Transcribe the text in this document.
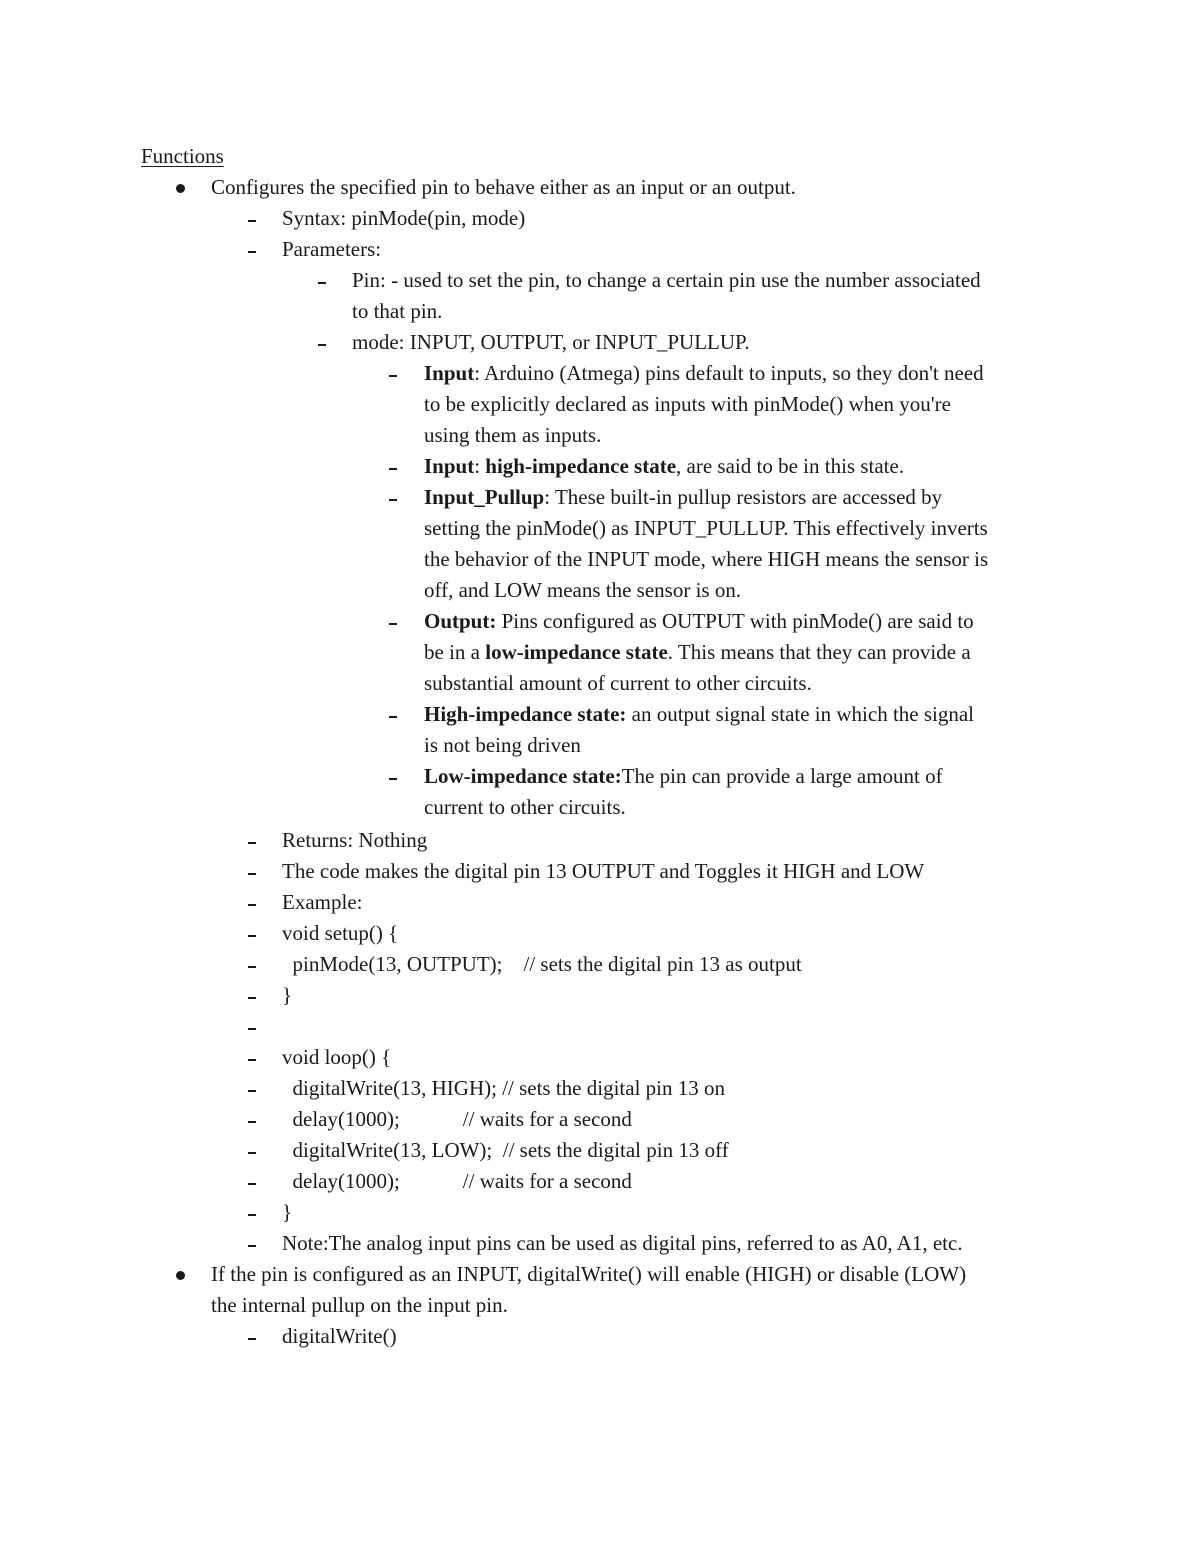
Functions
Configures the specified pin to behave either as an input or an output.
Syntax: pinMode(pin, mode)
Parameters:
Pin: - used to set the pin, to change a certain pin use the number associated
to that pin.
mode: INPUT, OUTPUT, or INPUT_PULLUP.
Input: Arduino (Atmega) pins default to inputs, so they don't need
to be explicitly declared as inputs with pinMode() when you're
using them as inputs.
Input: high-impedance state, are said to be in this state.
Input_Pullup: These built-in pullup resistors are accessed by
setting the pinMode() as INPUT_PULLUP. This effectively inverts
the behavior of the INPUT mode, where HIGH means the sensor is
off, and LOW means the sensor is on.
Output: Pins configured as OUTPUT with pinMode() are said to
be in a low-impedance state. This means that they can provide a
substantial amount of current to other circuits.
High-impedance state: an output signal state in which the signal
is not being driven
Low-impedance state:The pin can provide a large amount of
current to other circuits.
Returns: Nothing
The code makes the digital pin 13 OUTPUT and Toggles it HIGH and LOW
Example:
void setup() {
pinMode(13, OUTPUT);    // sets the digital pin 13 as output
}
void loop() {
digitalWrite(13, HIGH); // sets the digital pin 13 on
delay(1000);            // waits for a second
digitalWrite(13, LOW);  // sets the digital pin 13 off
delay(1000);            // waits for a second
}
Note:The analog input pins can be used as digital pins, referred to as A0, A1, etc.
If the pin is configured as an INPUT, digitalWrite() will enable (HIGH) or disable (LOW)
the internal pullup on the input pin.
digitalWrite()
